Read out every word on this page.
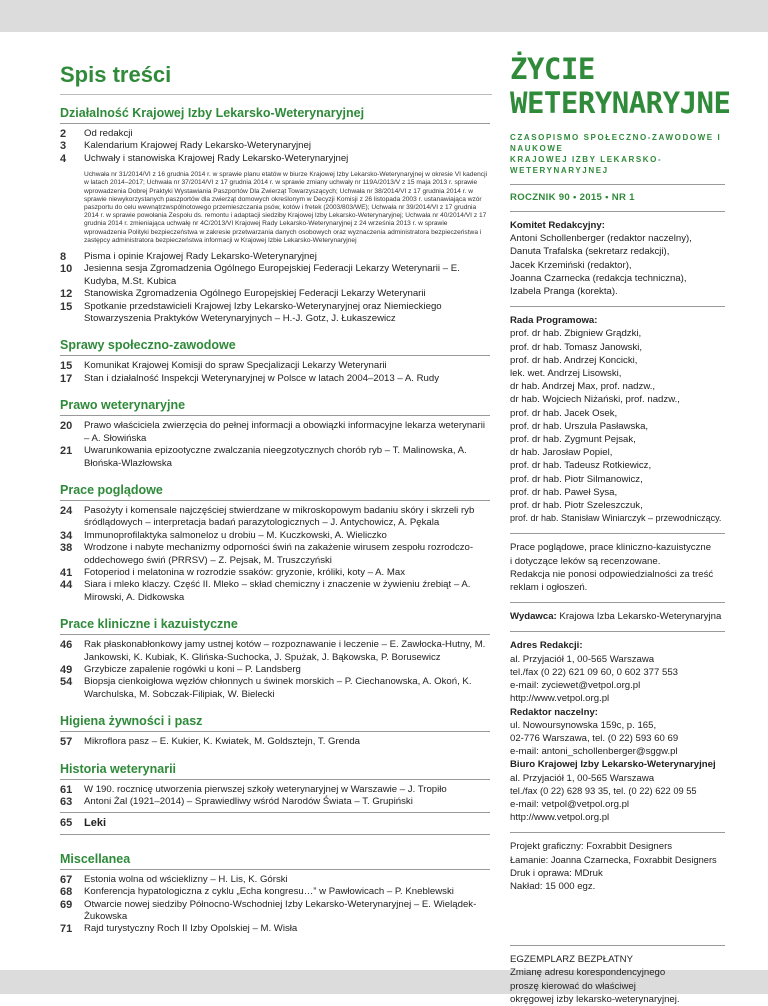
Spis treści
Działalność Krajowej Izby Lekarsko-Weterynaryjnej
2	Od redakcji
3	Kalendarium Krajowej Rady Lekarsko-Weterynaryjnej
4	Uchwały i stanowiska Krajowej Rady Lekarsko-Weterynaryjnej
Uchwała nr 31/2014/VI z 16 grudnia 2014 r. w sprawie planu etatów w biurze Krajowej Izby Lekarsko-Weterynaryjnej w okresie VI kadencji w latach 2014–2017; Uchwała nr 37/2014/VI z 17 grudnia 2014 r. w sprawie zmiany uchwały nr 119A/2013/V z 15 maja 2013 r. sprawie wprowadzenia Dobrej Praktyki Wystawiania Paszportów Dla Zwierząt Towarzyszących; Uchwała nr 38/2014/VI z 17 grudnia 2014 r. w sprawie niewykorzystanych paszportów dla zwierząt domowych określonym w Decyzji Komisji z 26 listopada 2003 r. ustanawiająca wzór paszportu do celu wewnątrzwspólnotowego przemieszczania psów, kotów i fretek (2003/803/WE); Uchwała nr 39/2014/VI z 17 grudnia 2014 r. w sprawie powołania Zespołu ds. remontu i adaptacji siedziby Krajowej Izby Lekarsko-Weterynaryjnej; Uchwała nr 40/2014/VI z 17 grudnia 2014 r. zmieniająca uchwałę nr 4C/2013/VI Krajowej Rady Lekarsko-Weterynaryjnej z 24 września 2013 r. w sprawie wprowadzenia Polityki bezpieczeństwa w zakresie przetwarzania danych osobowych oraz wyznaczenia administratora bezpieczeństwa i zastępcy administratora bezpieczeństwa informacji w Krajowej Izbie Lekarsko-Weterynaryjnej
8	Pisma i opinie Krajowej Rady Lekarsko-Weterynaryjnej
10	Jesienna sesja Zgromadzenia Ogólnego Europejskiej Federacji Lekarzy Weterynarii – E. Kudyba, M.St. Kubica
12	Stanowiska Zgromadzenia Ogólnego Europejskiej Federacji Lekarzy Weterynarii
15	Spotkanie przedstawicieli Krajowej Izby Lekarsko-Weterynaryjnej oraz Niemieckiego Stowarzyszenia Praktyków Weterynaryjnych – H.-J. Gotz, J. Łukaszewicz
Sprawy społeczno-zawodowe
15	Komunikat Krajowej Komisji do spraw Specjalizacji Lekarzy Weterynarii
17	Stan i działalność Inspekcji Weterynaryjnej w Polsce w latach 2004–2013 – A. Rudy
Prawo weterynaryjne
20	Prawo właściciela zwierzęcia do pełnej informacji a obowiązki informacyjne lekarza weterynarii – A. Słowińska
21	Uwarunkowania epizootyczne zwalczania nieegzotycznych chorób ryb – T. Malinowska, A. Błońska-Wlazłowska
Prace poglądowe
24	Pasożyty i komensale najczęściej stwierdzane w mikroskopowym badaniu skóry i skrzeli ryb śródlądowych – interpretacja badań parazytologicznych – J. Antychowicz, A. Pękala
34	Immunoprofilaktyka salmoneloz u drobiu – M. Kuczkowski, A. Wieliczko
38	Wrodzone i nabyte mechanizmy odporności świń na zakażenie wirusem zespołu rozrodczo-oddechowego świń (PRRSV) – Z. Pejsak, M. Truszczyński
41	Fotoperiod i melatonina w rozrodzie ssaków: gryzonie, króliki, koty – A. Max
44	Siara i mleko klaczy. Część II. Mleko – skład chemiczny i znaczenie w żywieniu źrebiąt – A. Mirowski, A. Didkowska
Prace kliniczne i kazuistyczne
46	Rak płaskonabłonkowy jamy ustnej kotów – rozpoznawanie i leczenie – E. Zawłocka-Hutny, M. Jankowski, K. Kubiak, K. Glińska-Suchocka, J. Spużak, J. Bąkowska, P. Borusewicz
49	Grzybicze zapalenie rogówki u koni – P. Landsberg
54	Biopsja cienkoigłowa węzłów chłonnych u świnek morskich – P. Ciechanowska, A. Okoń, K. Warchulska, M. Sobczak-Filipiak, W. Bielecki
Higiena żywności i pasz
57	Mikroflora pasz – E. Kukier, K. Kwiatek, M. Goldsztejn, T. Grenda
Historia weterynarii
61	W 190. rocznicę utworzenia pierwszej szkoły weterynaryjnej w Warszawie – J. Tropiło
63	Antoni Żal (1921–2014) – Sprawiedliwy wśród Narodów Świata – T. Grupiński
65	Leki
Miscellanea
67	Estonia wolna od wścieklizny – H. Lis, K. Górski
68	Konferencja hypatologiczna z cyklu „Echa kongresu…” w Pawłowicach – P. Kneblewski
69	Otwarcie nowej siedziby Północno-Wschodniej Izby Lekarsko-Weterynaryjnej – E. Wielądek-Żukowska
71	Rajd turystyczny Roch II Izby Opolskiej – M. Wisła
ŻYCIE WETERYNARYJNE
CZASOPISMO SPOŁECZNO-ZAWODOWE I NAUKOWE
KRAJOWEJ IZBY LEKARSKO-WETERYNARYJNEJ
ROCZNIK 90 • 2015 • NR 1
Komitet Redakcyjny:
Antoni Schollenberger (redaktor naczelny),
Danuta Trafalska (sekretarz redakcji),
Jacek Krzemiński (redaktor),
Joanna Czarnecka (redakcja techniczna),
Izabela Pranga (korekta).
Rada Programowa:
prof. dr hab. Zbigniew Grądzki,
prof. dr hab. Tomasz Janowski,
prof. dr hab. Andrzej Koncicki,
lek. wet. Andrzej Lisowski,
dr hab. Andrzej Max, prof. nadzw.,
dr hab. Wojciech Niżański, prof. nadzw.,
prof. dr hab. Jacek Osek,
prof. dr hab. Urszula Pasławska,
prof. dr hab. Zygmunt Pejsak,
dr hab. Jarosław Popiel,
prof. dr hab. Tadeusz Rotkiewicz,
prof. dr hab. Piotr Silmanowicz,
prof. dr hab. Paweł Sysa,
prof. dr hab. Piotr Szeleszczuk,
prof. dr hab. Stanisław Winiarczyk – przewodniczący.
Prace poglądowe, prace kliniczno-kazuistyczne
i dotyczące leków są recenzowane.
Redakcja nie ponosi odpowiedzialności za treść
reklam i ogłoszeń.
Wydawca: Krajowa Izba Lekarsko-Weterynaryjna
Adres Redakcji:
al. Przyjaciół 1, 00-565 Warszawa
tel./fax (0 22) 621 09 60, 0 602 377 553
e-mail: zyciewet@vetpol.org.pl
http://www.vetpol.org.pl
Redaktor naczelny:
ul. Nowoursynowska 159c, p. 165,
02-776 Warszawa, tel. (0 22) 593 60 69
e-mail: antoni_schollenberger@sggw.pl
Biuro Krajowej Izby Lekarsko-Weterynaryjnej
al. Przyjaciół 1, 00-565 Warszawa
tel./fax (0 22) 628 93 35, tel. (0 22) 622 09 55
e-mail: vetpol@vetpol.org.pl
http://www.vetpol.org.pl
Projekt graficzny: Foxrabbit Designers
Łamanie: Joanna Czarnecka, Foxrabbit Designers
Druk i oprawa: MDruk
Nakład: 15 000 egz.
EGZEMPLARZ BEZPŁATNY
Zmianę adresu korespondencyjnego
proszę kierować do właściwej
okręgowej izby lekarsko-weterynaryjnej.
